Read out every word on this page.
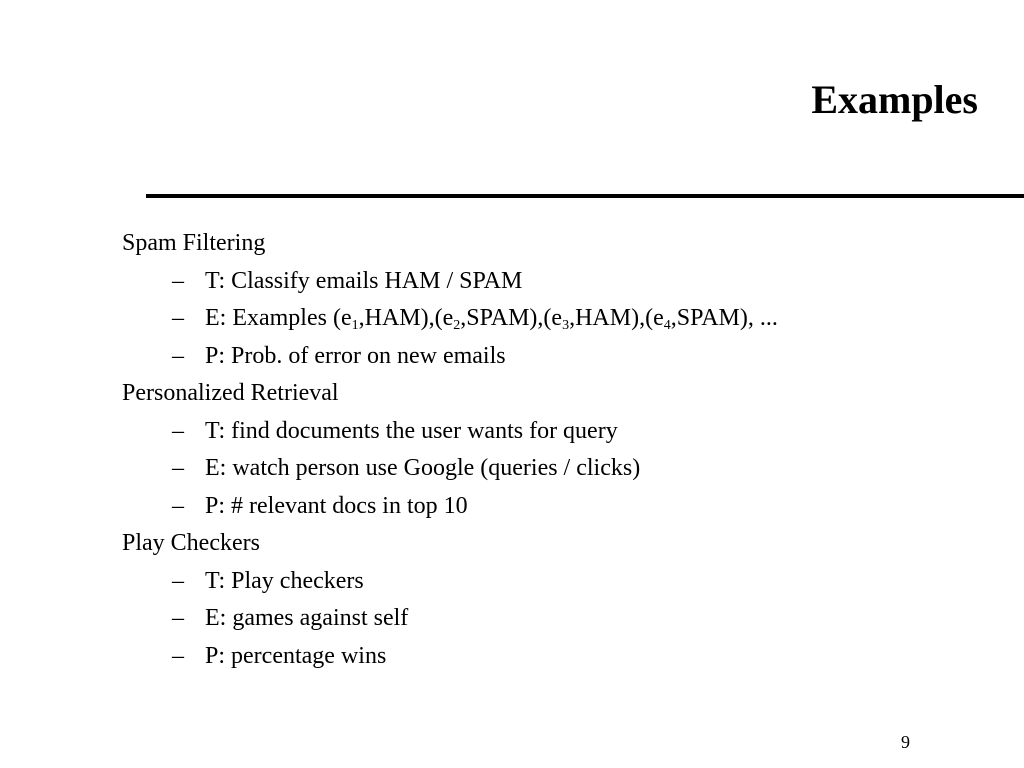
Examples
Spam Filtering
– T: Classify emails HAM / SPAM
– E: Examples $(e_1,HAM),(e_2,SPAM),(e_3,HAM),(e_4,SPAM)$, ...
– P: Prob. of error on new emails
Personalized Retrieval
– T: find documents the user wants for query
– E: watch person use Google (queries / clicks)
– P: # relevant docs in top 10
Play Checkers
– T: Play checkers
– E: games against self
– P: percentage wins
9
